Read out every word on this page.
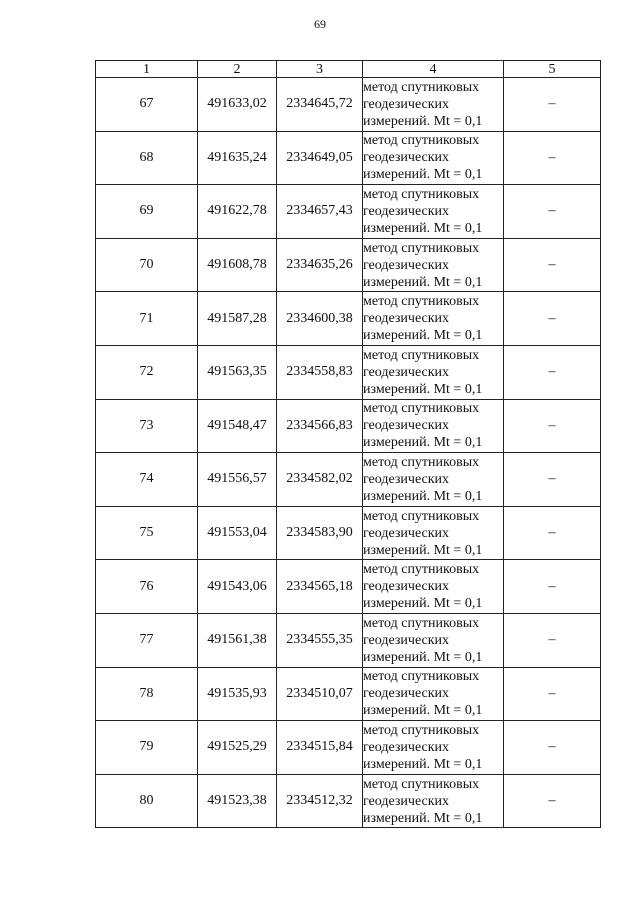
69
1	2	3	4	5
67	491633,02	2334645,72	метод спутниковых
геодезических
измерений. Mt = 0,1	–
68	491635,24	2334649,05	метод спутниковых
геодезических
измерений. Mt = 0,1	–
69	491622,78	2334657,43	метод спутниковых
геодезических
измерений. Mt = 0,1	–
70	491608,78	2334635,26	метод спутниковых
геодезических
измерений. Mt = 0,1	–
71	491587,28	2334600,38	метод спутниковых
геодезических
измерений. Mt = 0,1	–
72	491563,35	2334558,83	метод спутниковых
геодезических
измерений. Mt = 0,1	–
73	491548,47	2334566,83	метод спутниковых
геодезических
измерений. Mt = 0,1	–
74	491556,57	2334582,02	метод спутниковых
геодезических
измерений. Mt = 0,1	–
75	491553,04	2334583,90	метод спутниковых
геодезических
измерений. Mt = 0,1	–
76	491543,06	2334565,18	метод спутниковых
геодезических
измерений. Mt = 0,1	–
77	491561,38	2334555,35	метод спутниковых
геодезических
измерений. Mt = 0,1	–
78	491535,93	2334510,07	метод спутниковых
геодезических
измерений. Mt = 0,1	–
79	491525,29	2334515,84	метод спутниковых
геодезических
измерений. Mt = 0,1	–
80	491523,38	2334512,32	метод спутниковых
геодезических
измерений. Mt = 0,1	–
